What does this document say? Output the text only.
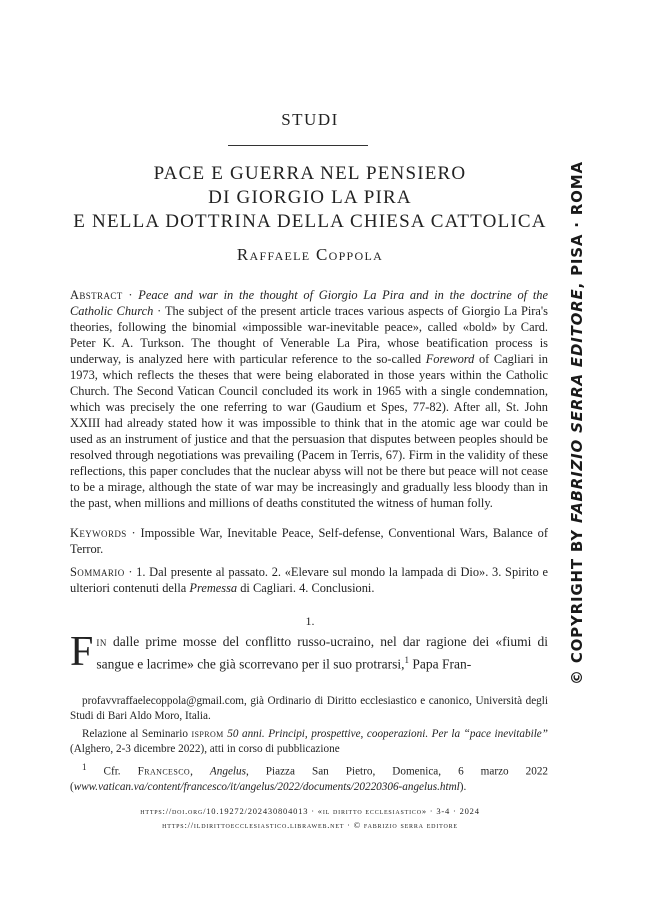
STUDI
PACE E GUERRA NEL PENSIERO
DI GIORGIO LA PIRA
E NELLA DOTTRINA DELLA CHIESA CATTOLICA
Raffaele Coppola
Abstract · Peace and war in the thought of Giorgio La Pira and in the doctrine of the Catholic Church · The subject of the present article traces various aspects of Giorgio La Pira's theories, following the binomial «impossible war-inevitable peace», called «bold» by Card. Peter K. A. Turkson. The thought of Venerable La Pira, whose beatification process is underway, is analyzed here with particular reference to the so-called Foreword of Cagliari in 1973, which reflects the theses that were being elaborated in those years within the Catholic Church. The Second Vatican Council concluded its work in 1965 with a single condemnation, which was precisely the one referring to war (Gaudium et Spes, 77-82). After all, St. John XXIII had already stated how it was impossible to think that in the atomic age war could be used as an instrument of justice and that the persuasion that disputes between peoples should be resolved through negotiations was prevailing (Pacem in Terris, 67). Firm in the validity of these reflections, this paper concludes that the nuclear abyss will not be there but peace will not cease to be a mirage, although the state of war may be increasingly and gradually less bloody than in the past, when millions and millions of deaths constituted the witness of human folly.
Keywords · Impossible War, Inevitable Peace, Self-defense, Conventional Wars, Balance of Terror.
Sommario · 1. Dal presente al passato. 2. «Elevare sul mondo la lampada di Dio». 3. Spirito e ulteriori contenuti della Premessa di Cagliari. 4. Conclusioni.
1.
Fin dalle prime mosse del conflitto russo-ucraino, nel dar ragione dei «fiumi di sangue e lacrime» che già scorrevano per il suo protrarsi,$^1$ Papa Fran-

profavvraffaelecoppola@gmail.com, già Ordinario di Diritto ecclesiastico e canonico, Università degli Studi di Bari Aldo Moro, Italia.

Relazione al Seminario isprom 50 anni. Principi, prospettive, cooperazioni. Per la “pace inevitabile” (Alghero, 2-3 dicembre 2022), atti in corso di pubblicazione

$^1$ Cfr. Francesco, Angelus, Piazza San Pietro, Domenica, 6 marzo 2022 (www.vatican.va/content/francesco/it/angelus/2022/documents/20220306-angelus.html).

https://doi.org/10.19272/202430804013 · «il diritto ecclesiastico» · 3-4 · 2024
https://ildirittoecclesiastico.libraweb.net · © fabrizio serra editore
© COPYRIGHT BY FABRIZIO SERRA EDITORE, PISA · ROMA
